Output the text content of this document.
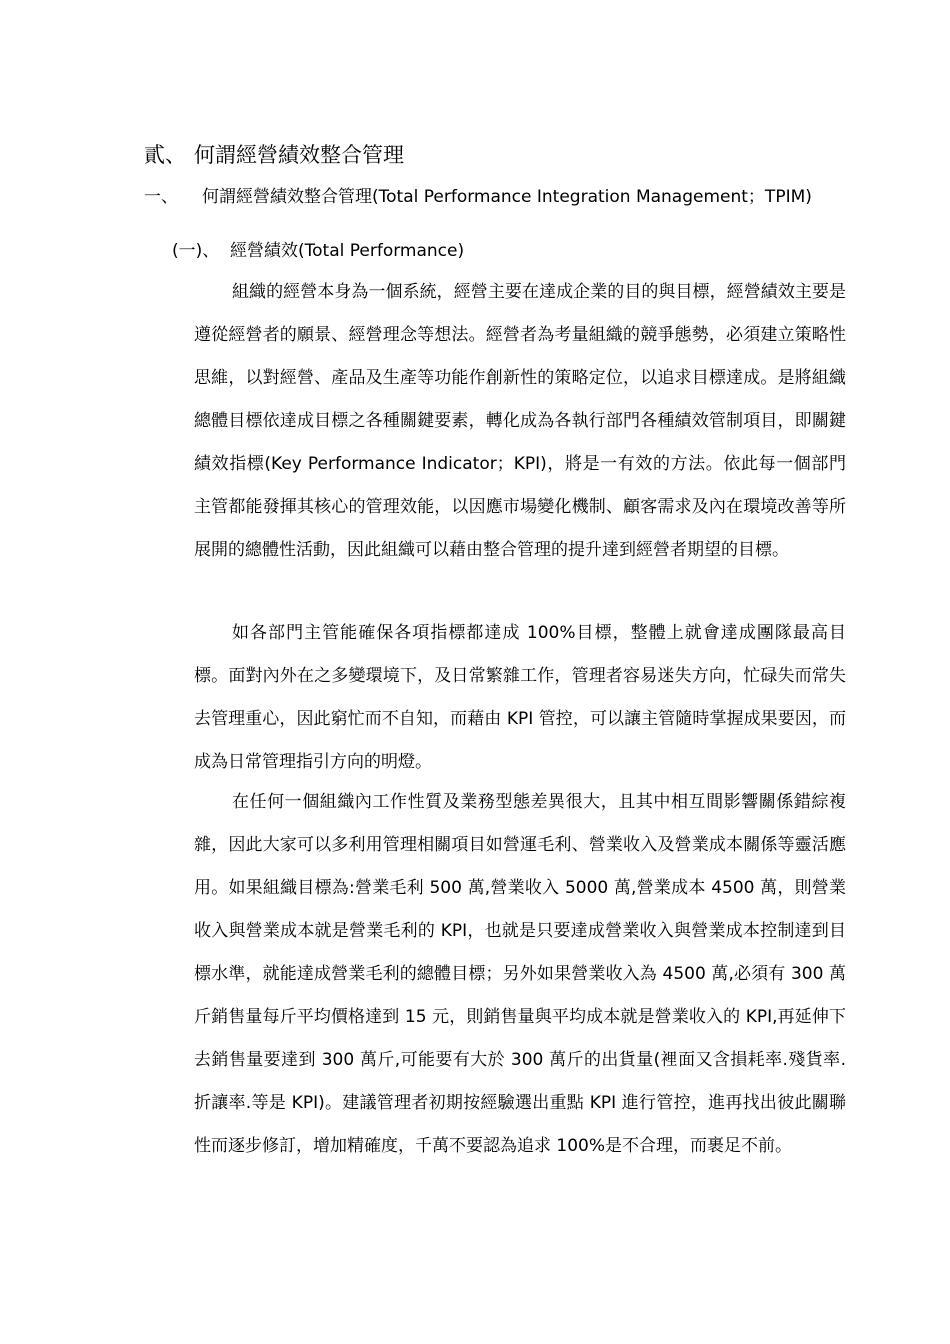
貳、 何謂經營績效整合管理
一、 何謂經營績效整合管理(Total Performance Integration Management；TPIM)
(一)、 經營績效(Total Performance)

組織的經營本身為一個系統，經營主要在達成企業的目的與目標，經營績效主要是遵從經營者的願景、經營理念等想法。經營者為考量組織的競爭態勢，必須建立策略性思維，以對經營、產品及生產等功能作創新性的策略定位，以追求目標達成。是將組織總體目標依達成目標之各種關鍵要素，轉化成為各執行部門各種績效管制項目，即關鍵績效指標(Key Performance Indicator；KPI)，將是一有效的方法。依此每一個部門主管都能發揮其核心的管理效能，以因應市場變化機制、顧客需求及內在環境改善等所展開的總體性活動，因此組織可以藉由整合管理的提升達到經營者期望的目標。

如各部門主管能確保各項指標都達成 100%目標，整體上就會達成團隊最高目標。面對內外在之多變環境下，及日常繁雜工作，管理者容易迷失方向，忙碌失而常失去管理重心，因此窮忙而不自知，而藉由 KPI 管控，可以讓主管隨時掌握成果要因，而成為日常管理指引方向的明燈。

在任何一個組織內工作性質及業務型態差異很大，且其中相互間影響關係錯綜複雜，因此大家可以多利用管理相關項目如營運毛利、營業收入及營業成本關係等靈活應用。如果組織目標為:營業毛利 500 萬,營業收入 5000 萬,營業成本 4500 萬，則營業收入與營業成本就是營業毛利的 KPI，也就是只要達成營業收入與營業成本控制達到目標水準，就能達成營業毛利的總體目標；另外如果營業收入為 4500 萬,必須有 300 萬斤銷售量每斤平均價格達到 15 元，則銷售量與平均成本就是營業收入的 KPI,再延伸下去銷售量要達到 300 萬斤,可能要有大於 300 萬斤的出貨量(裡面又含損耗率.殘貨率.折讓率.等是 KPI)。建議管理者初期按經驗選出重點 KPI 進行管控，進再找出彼此關聯性而逐步修訂，增加精確度，千萬不要認為追求 100%是不合理，而裹足不前。
